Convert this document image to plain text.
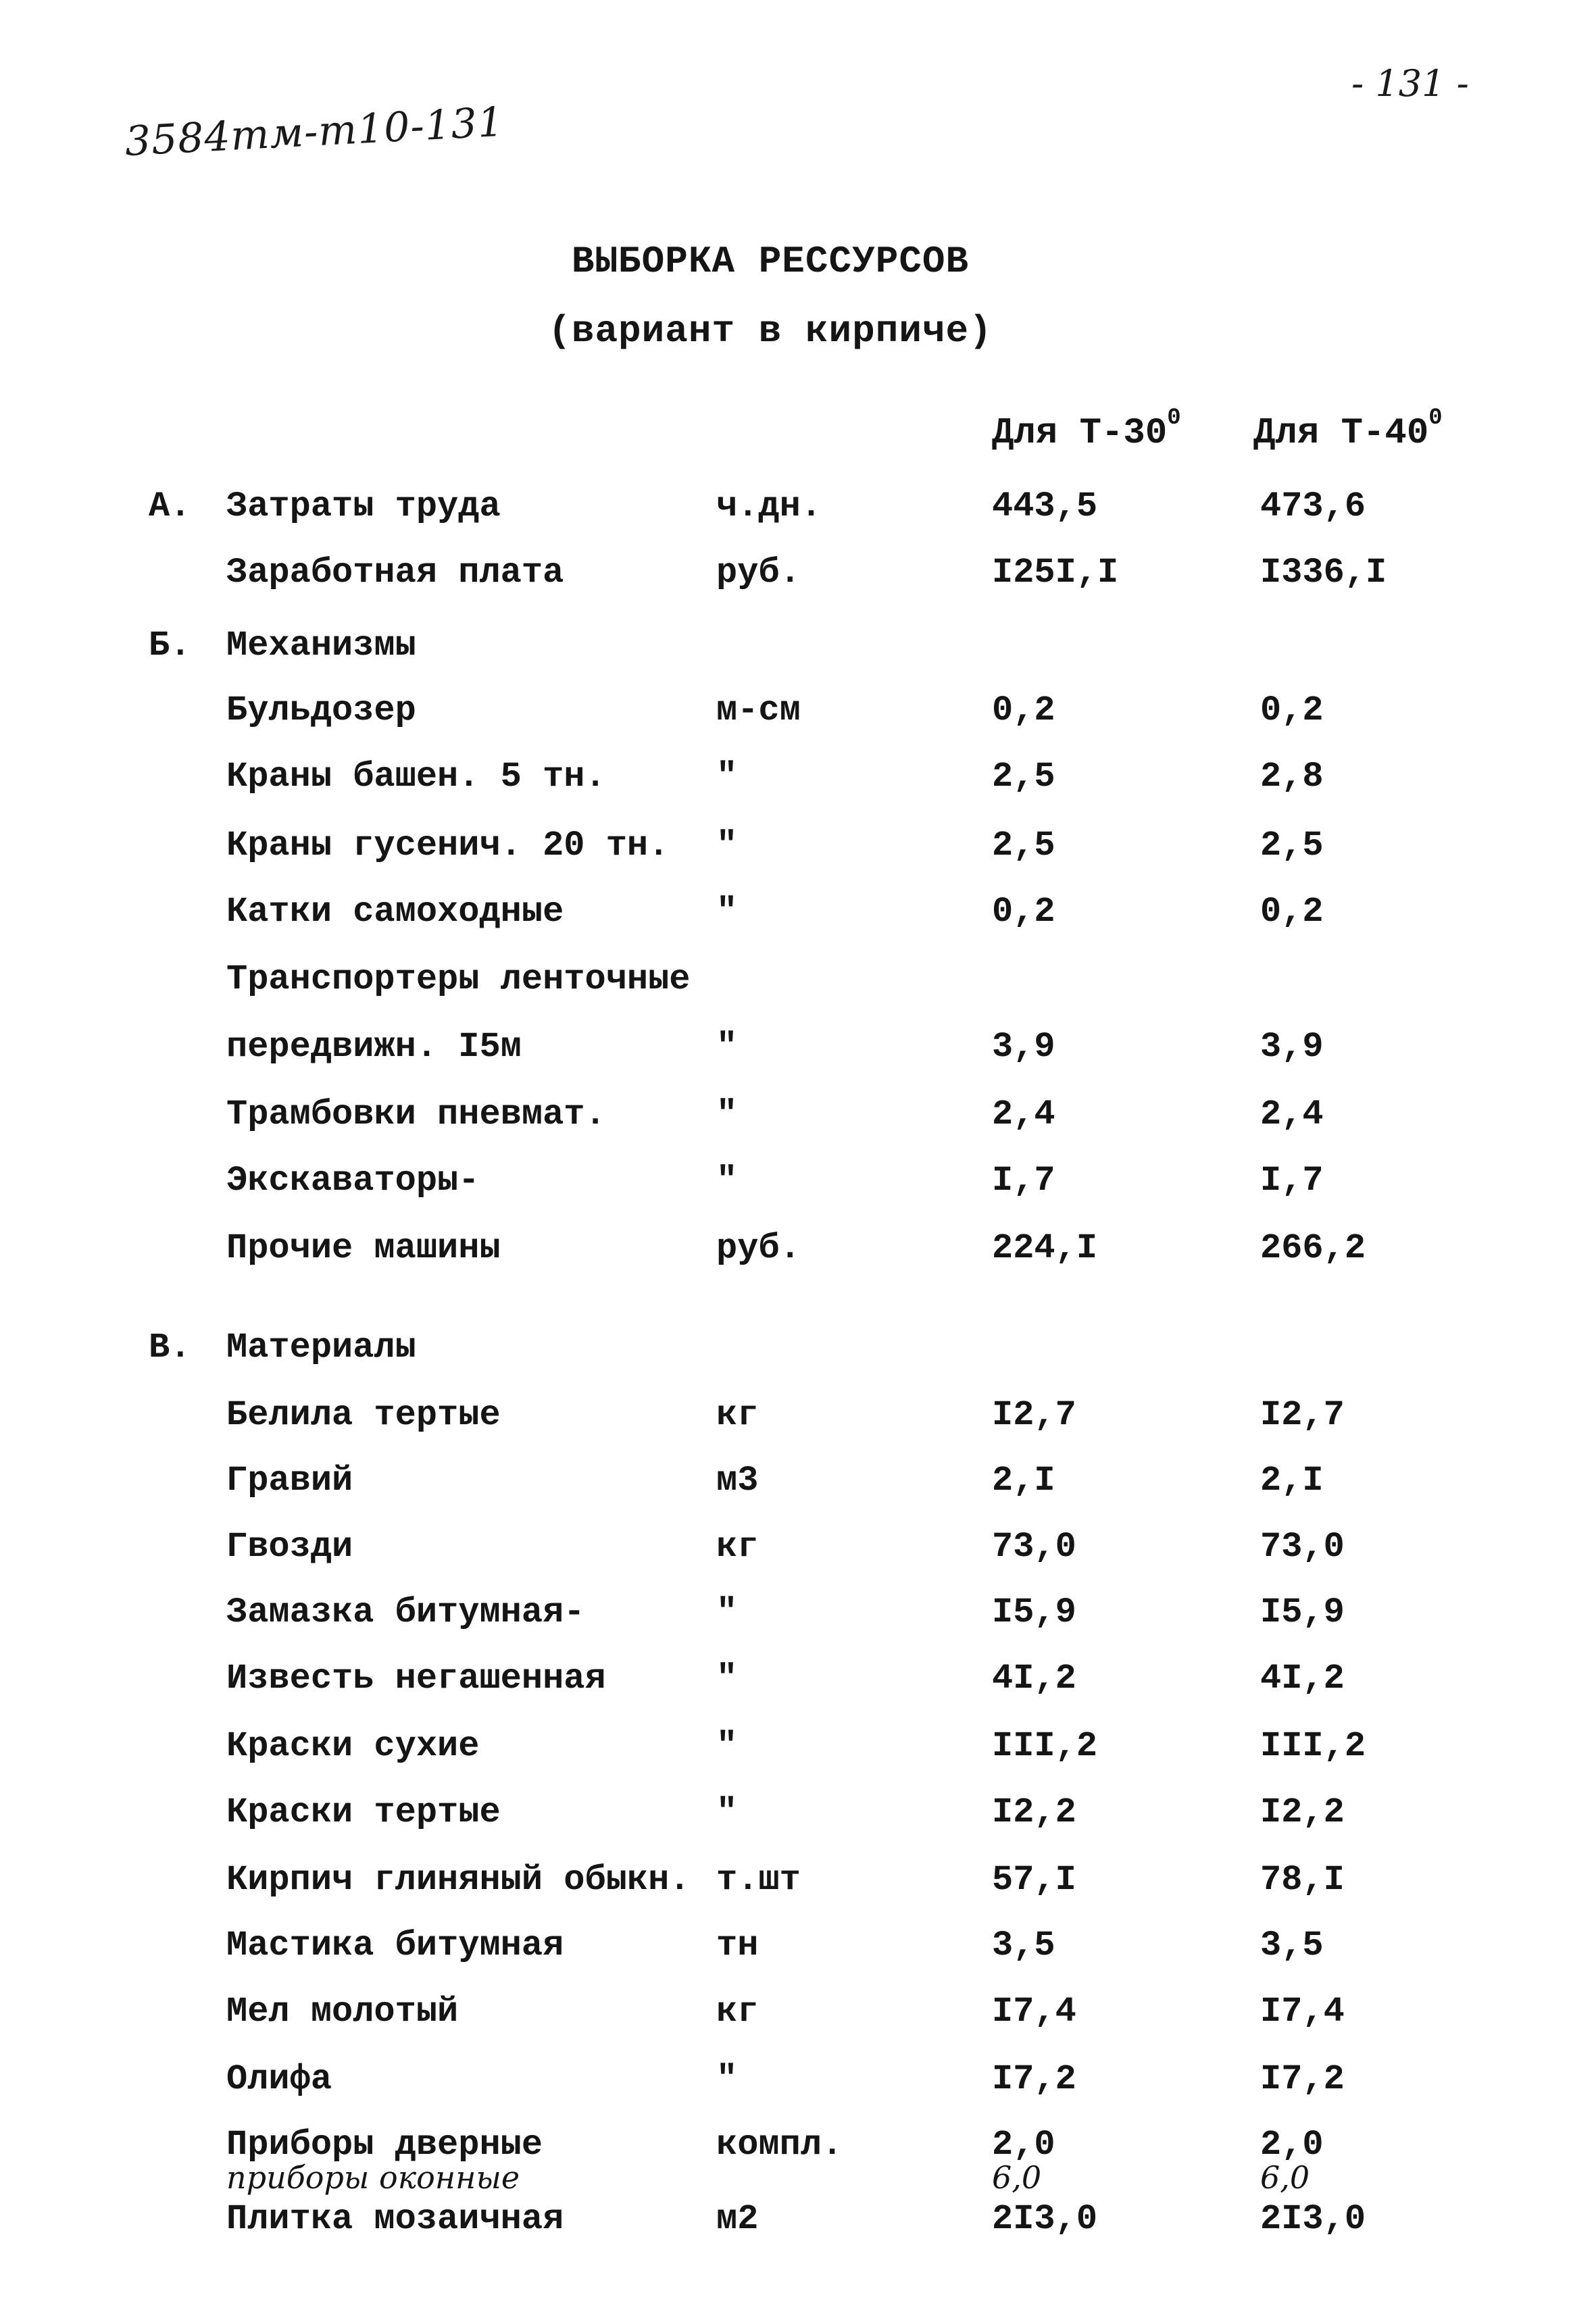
- 131 -
3584тм-т10-131
ВЫБОРКА РЕССУРСОВ
(вариант в кирпиче)
Для $Т-30^0$ Для $Т-40^0$
А. Затраты труда	ч.дн.	443,5	473,6
Заработная плата	руб.	I25I,I	I336,I
Б. Механизмы
Бульдозер	м-см	0,2	0,2
Краны башен. 5 тн.	"	2,5	2,8
Краны гусенич. 20 тн. "	2,5	2,5
Катки самоходные	"	0,2	0,2
Транспортеры ленточные
передвижн. I5м	"	3,9	3,9
Трамбовки пневмат.	"	2,4	2,4
Экскаваторы-	"	I,7	I,7
Прочие машины	руб.	224,I	266,2
В. Материалы
Белила тертые	кг	I2,7	I2,7
Гравий	м3	2,I	2,I
Гвозди	кг	73,0	73,0
Замазка битумная-	"	I5,9	I5,9
Известь негашенная	"	4I,2	4I,2
Краски сухие	"	III,2	III,2
Краски тертые	"	I2,2	I2,2
Кирпич глиняный обыкн. т.шт	57,I	78,I
Мастика битумная	тн	3,5	3,5
Мел молотый	кг	I7,4	I7,4
Олифа	"	I7,2	I7,2
Приборы дверные	компл.	2,0	2,0
приборы оконные	6,0	6,0
Плитка мозаичная	м2	2I3,0	2I3,0
